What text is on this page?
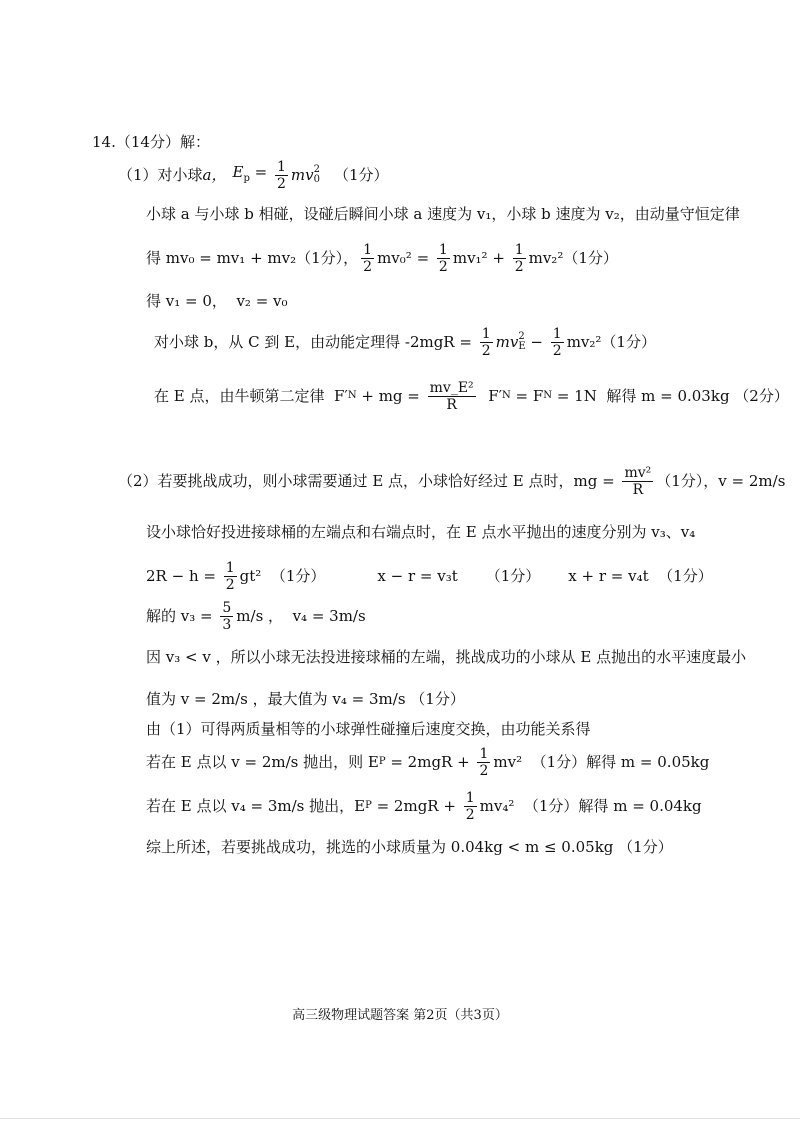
14.（14分）解：
（1）对小球 a， $E_p = \frac{1}{2}$ mv 2
0 （1分）
小球 a 与小球 b 相碰，设碰后瞬间小球 a 速度为 v₁，小球 b 速度为 v₂，由动量守恒定律
得 mv₀ = mv₁ + mv₂（1分）， $\frac{1}{2} mv_0^2 = \frac{1}{2} mv_1^2 + \frac{1}{2} mv_2^2(1$分）
得 v₁ = 0，  v₂ = v₀
对小球 b，从 C 到 E，由动能定理得 $-2mgR = \frac{1}{2}$ mv 2
$E - \frac{1}{2} mv_2^2(1$分）
在 E 点，由牛顿第二定律  F′ N + mg = $\frac{\text{mv\_E²}}{R} F'$ N = F N = 1N  解得 m = 0.03kg （2分）
（2）若要挑战成功，则小球需要通过 E 点，小球恰好经过 E 点时，mg = $\frac{\text{mv²}}{R} (1$分），v = 2m/s
设小球恰好投进接球桶的左端点和右端点时，在 E 点水平抛出的速度分别为 v₃、v₄
$2R - h = \frac{1}{2} gt^2$  （1分）	x − r = v₃t （1分） x + r = v₄t  （1分）
解的 $v_3 = \frac{5}{3} m/s$ ，  v₄ = 3m/s
因 v₃ < v ，所以小球无法投进接球桶的左端，挑战成功的小球从 E 点抛出的水平速度最小
值为 v = 2m/s ，最大值为 v₄ = 3m/s （1分）
由（1）可得两质量相等的小球弹性碰撞后速度交换，由功能关系得
若在 E 点以 v = 2m/s 抛出，则 E $P = 2mgR + \frac{1}{2} mv^2$  （1分）解得 m = 0.05kg
若在 E 点以 v₄ = 3m/s 抛出，E $P = 2mgR + \frac{1}{2} mv_4^2$  （1分）解得 m = 0.04kg
综上所述，若要挑战成功，挑选的小球质量为 0.04kg < m ≤ 0.05kg （1分）
高三级物理试题答案 第2页（共3页）
